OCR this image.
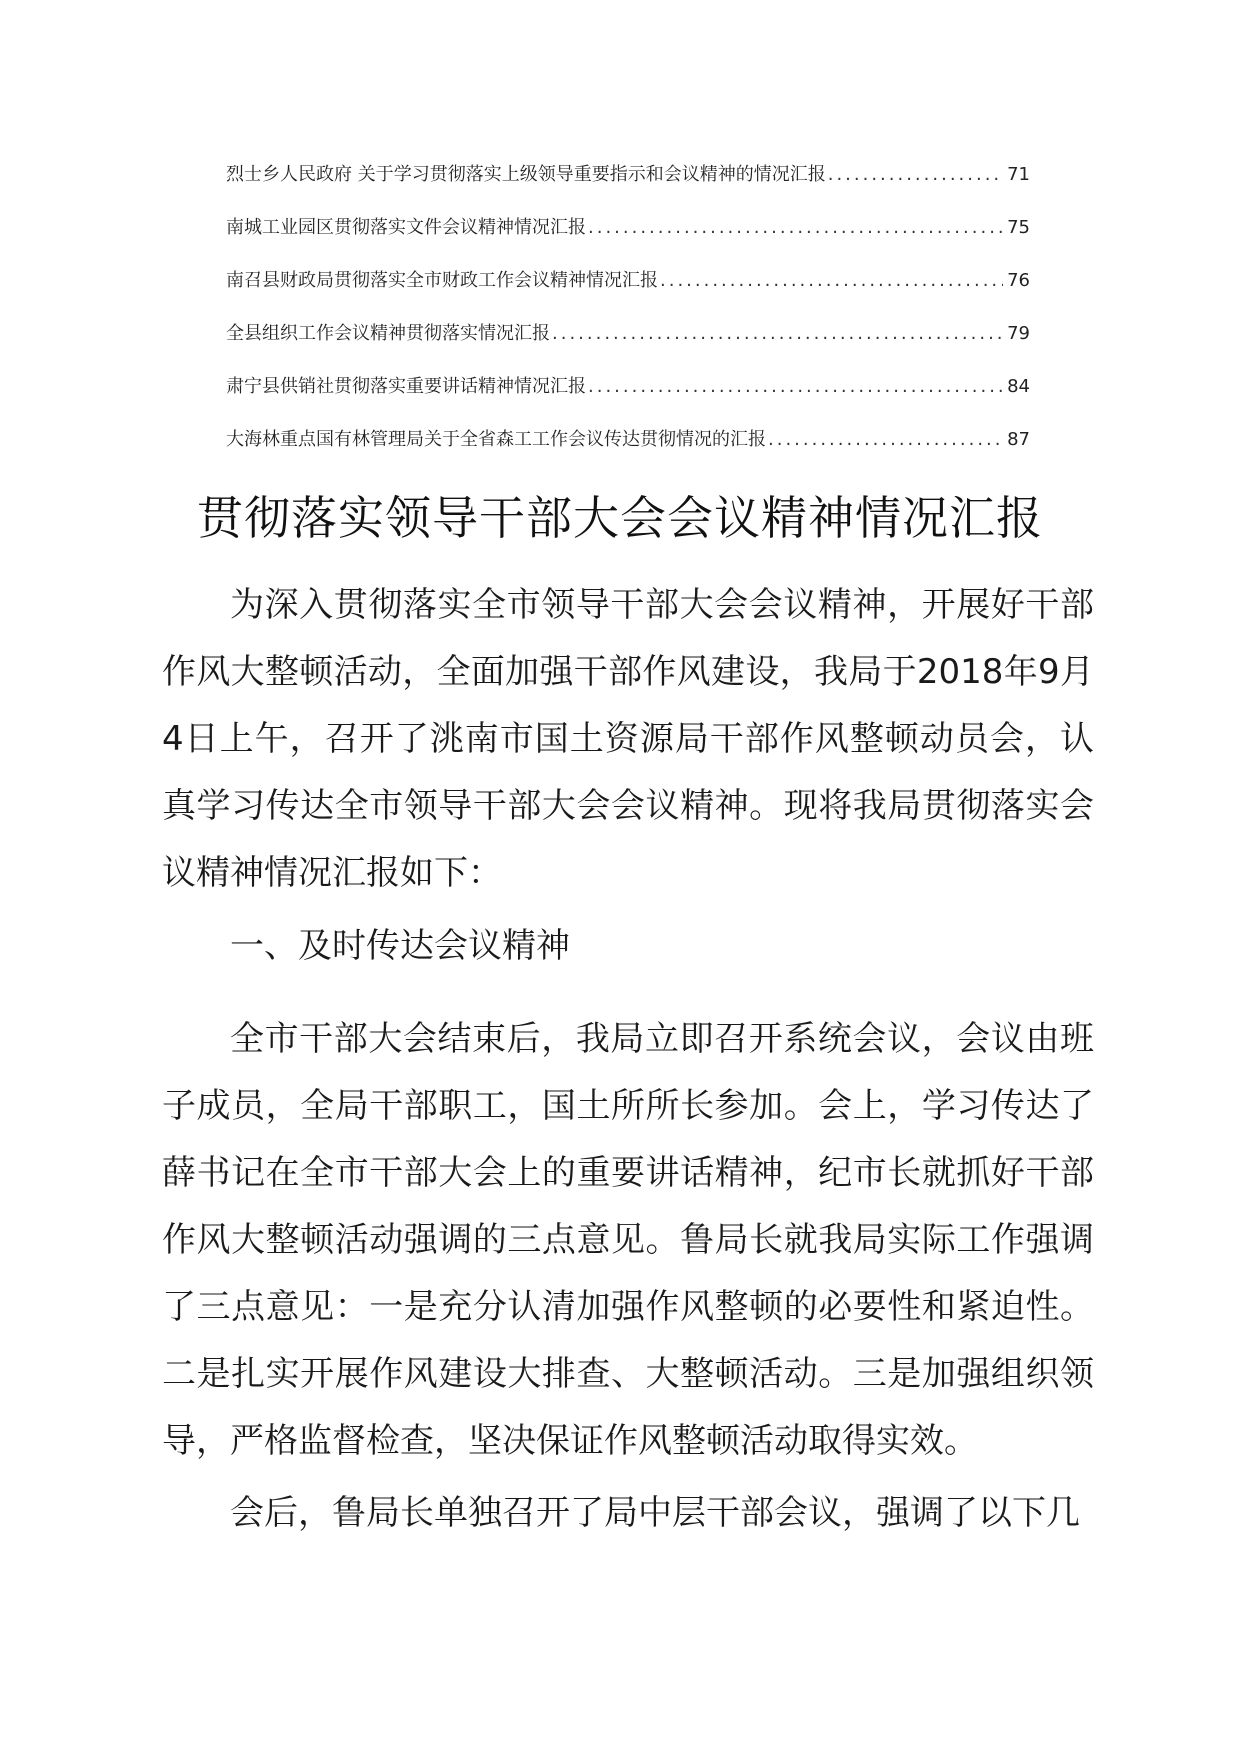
烈士乡人民政府 关于学习贯彻落实上级领导重要指示和会议精神的情况汇报 .....	71
南城工业园区贯彻落实文件会议精神情况汇报 .....	75
南召县财政局贯彻落实全市财政工作会议精神情况汇报 .....	76
全县组织工作会议精神贯彻落实情况汇报 .....	79
肃宁县供销社贯彻落实重要讲话精神情况汇报 .....	84
大海林重点国有林管理局关于全省森工工作会议传达贯彻情况的汇报 .....	87
贯彻落实领导干部大会会议精神情况汇报

为深入贯彻落实全市领导干部大会会议精神，开展好干部作风大整顿活动，全面加强干部作风建设，我局于2018年9月4日上午，召开了洮南市国土资源局干部作风整顿动员会，认真学习传达全市领导干部大会会议精神。现将我局贯彻落实会议精神情况汇报如下：

一、及时传达会议精神

全市干部大会结束后，我局立即召开系统会议，会议由班子成员，全局干部职工，国土所所长参加。会上，学习传达了薛书记在全市干部大会上的重要讲话精神，纪市长就抓好干部作风大整顿活动强调的三点意见。鲁局长就我局实际工作强调了三点意见：一是充分认清加强作风整顿的必要性和紧迫性。二是扎实开展作风建设大排查、大整顿活动。三是加强组织领导，严格监督检查，坚决保证作风整顿活动取得实效。

会后，鲁局长单独召开了局中层干部会议，强调了以下几
